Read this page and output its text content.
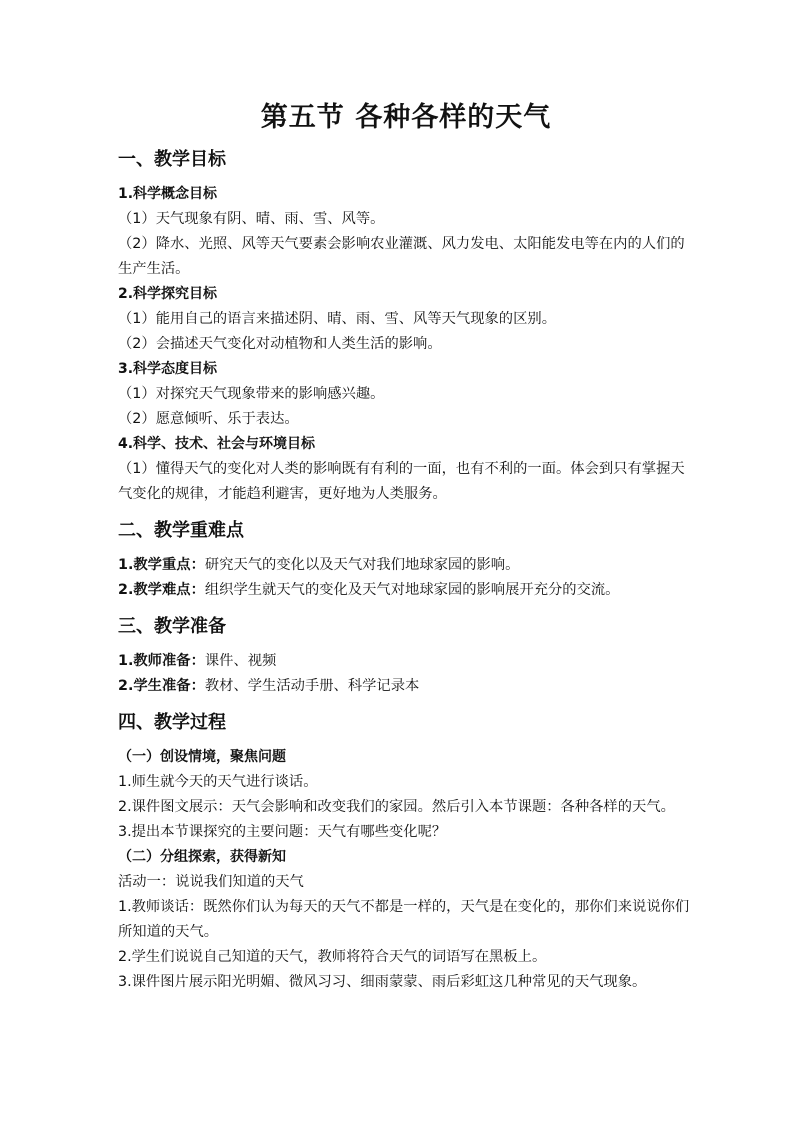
第五节 各种各样的天气
一、教学目标
1.科学概念目标

（1）天气现象有阴、晴、雨、雪、风等。

（2）降水、光照、风等天气要素会影响农业灌溉、风力发电、太阳能发电等在内的人们的生产生活。

2.科学探究目标

（1）能用自己的语言来描述阴、晴、雨、雪、风等天气现象的区别。

（2）会描述天气变化对动植物和人类生活的影响。

3.科学态度目标

（1）对探究天气现象带来的影响感兴趣。

（2）愿意倾听、乐于表达。

4.科学、技术、社会与环境目标

（1）懂得天气的变化对人类的影响既有有利的一面，也有不利的一面。体会到只有掌握天气变化的规律，才能趋利避害，更好地为人类服务。

二、教学重难点

1.教学重点：研究天气的变化以及天气对我们地球家园的影响。

2.教学难点：组织学生就天气的变化及天气对地球家园的影响展开充分的交流。

三、教学准备

1.教师准备：课件、视频

2.学生准备：教材、学生活动手册、科学记录本

四、教学过程
（一）创设情境，聚焦问题

1.师生就今天的天气进行谈话。

2.课件图文展示：天气会影响和改变我们的家园。然后引入本节课题：各种各样的天气。

3.提出本节课探究的主要问题：天气有哪些变化呢？

（二）分组探索，获得新知

活动一：说说我们知道的天气

1.教师谈话：既然你们认为每天的天气不都是一样的，天气是在变化的，那你们来说说你们所知道的天气。

2.学生们说说自己知道的天气，教师将符合天气的词语写在黑板上。

3.课件图片展示阳光明媚、微风习习、细雨蒙蒙、雨后彩虹这几种常见的天气现象。
